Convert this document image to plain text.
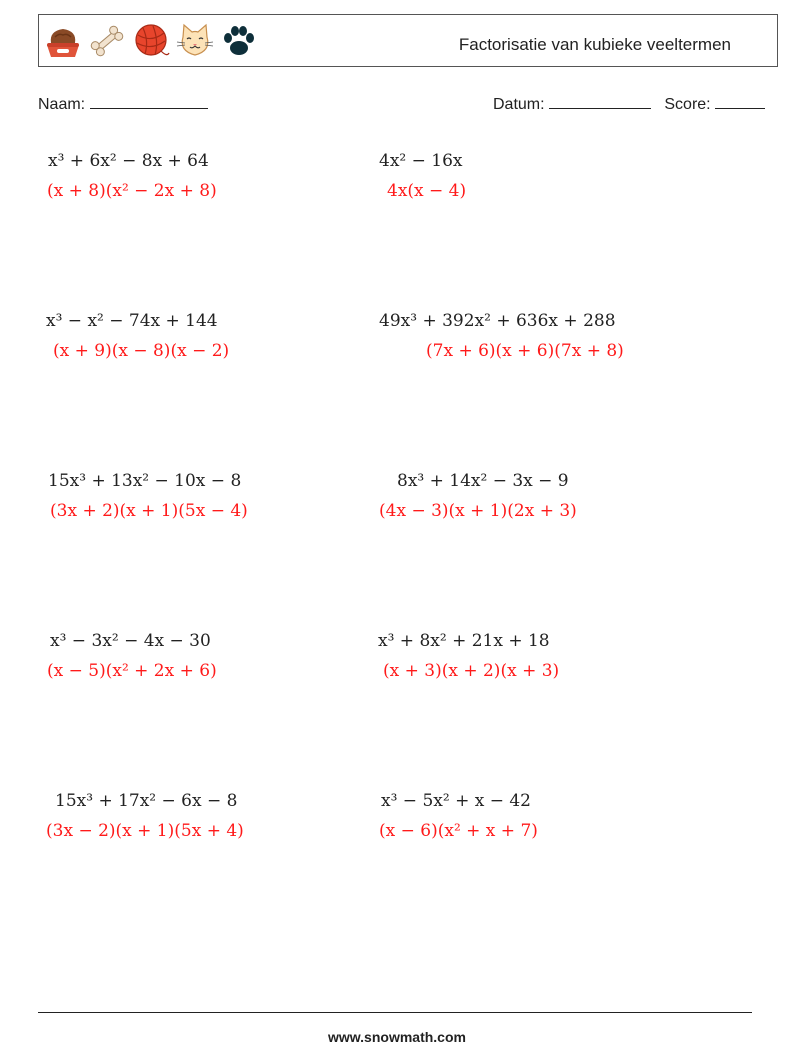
Factorisatie van kubieke veeltermen
Naam:	Datum:	Score:
x³ + 6x² − 8x + 64
(x + 8)(x² − 2x + 8)
4x² − 16x
4x(x − 4)
x³ − x² − 74x + 144
(x + 9)(x − 8)(x − 2)
49x³ + 392x² + 636x + 288
(7x + 6)(x + 6)(7x + 8)
15x³ + 13x² − 10x − 8
(3x + 2)(x + 1)(5x − 4)
8x³ + 14x² − 3x − 9
(4x − 3)(x + 1)(2x + 3)
x³ − 3x² − 4x − 30
(x − 5)(x² + 2x + 6)
x³ + 8x² + 21x + 18
(x + 3)(x + 2)(x + 3)
15x³ + 17x² − 6x − 8
(3x − 2)(x + 1)(5x + 4)
x³ − 5x² + x − 42
(x − 6)(x² + x + 7)
www.snowmath.com
